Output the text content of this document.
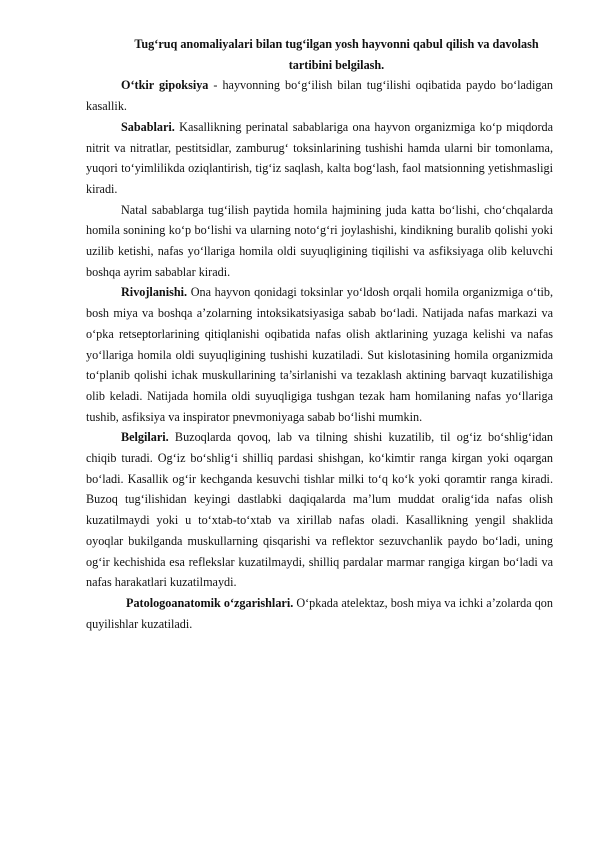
Tug‘ruq anomaliyalari bilan tug‘ilgan yosh hayvonni qabul qilish va davolash tartibini belgilash.

O‘tkir gipoksiya - hayvonning bo‘g‘ilish bilan tug‘ilishi oqibatida paydo bo‘ladigan kasallik.

Sabablari. Kasallikning perinatal sabablariga ona hayvon organizmiga ko‘p miqdorda nitrit va nitratlar, pestitsidlar, zamburug‘ toksinlarining tushishi hamda ularni bir tomonlama, yuqori to‘yimlilikda oziqlantirish, tig‘iz saqlash, kalta bog‘lash, faol matsionning yetishmasligi kiradi.

Natal sabablarga tug‘ilish paytida homila hajmining juda katta bo‘lishi, cho‘chqalarda homila sonining ko‘p bo‘lishi va ularning noto‘g‘ri joylashishi, kindikning buralib qolishi yoki uzilib ketishi, nafas yo‘llariga homila oldi suyuqligining tiqilishi va asfiksiyaga olib keluvchi boshqa ayrim sabablar kiradi.

Rivojlanishi. Ona hayvon qonidagi toksinlar yo‘ldosh orqali homila organizmiga o‘tib, bosh miya va boshqa a’zolarning intoksikatsiyasiga sabab bo‘ladi. Natijada nafas markazi va o‘pka retseptorlarining qitiqlanishi oqibatida nafas olish aktlarining yuzaga kelishi va nafas yo‘llariga homila oldi suyuqligining tushishi kuzatiladi. Sut kislotasining homila organizmida to‘planib qolishi ichak muskullarining ta’sirlanishi va tezaklash aktining barvaqt kuzatilishiga olib keladi. Natijada homila oldi suyuqligiga tushgan tezak ham homilaning nafas yo‘llariga tushib, asfiksiya va inspirator pnevmoniyaga sabab bo‘lishi mumkin.

Belgilari. Buzoqlarda qovoq, lab va tilning shishi kuzatilib, til og‘iz bo‘shlig‘idan chiqib turadi. Og‘iz bo‘shlig‘i shilliq pardasi shishgan, ko‘kimtir ranga kirgan yoki oqargan bo‘ladi. Kasallik og‘ir kechganda kesuvchi tishlar milki to‘q ko‘k yoki qoramtir ranga kiradi. Buzoq tug‘ilishidan keyingi dastlabki daqiqalarda ma’lum muddat oralig‘ida nafas olish kuzatilmaydi yoki u to‘xtab-to‘xtab va xirillab nafas oladi. Kasallikning yengil shaklida oyoqlar bukilganda muskullarning qisqarishi va reflektor sezuvchanlik paydo bo‘ladi, uning og‘ir kechishida esa reflekslar kuzatilmaydi, shilliq pardalar marmar rangiga kirgan bo‘ladi va nafas harakatlari kuzatilmaydi.

Patologoanatomik o‘zgarishlari. O‘pkada atelektaz, bosh miya va ichki a’zolarda qon quyilishlar kuzatiladi.
